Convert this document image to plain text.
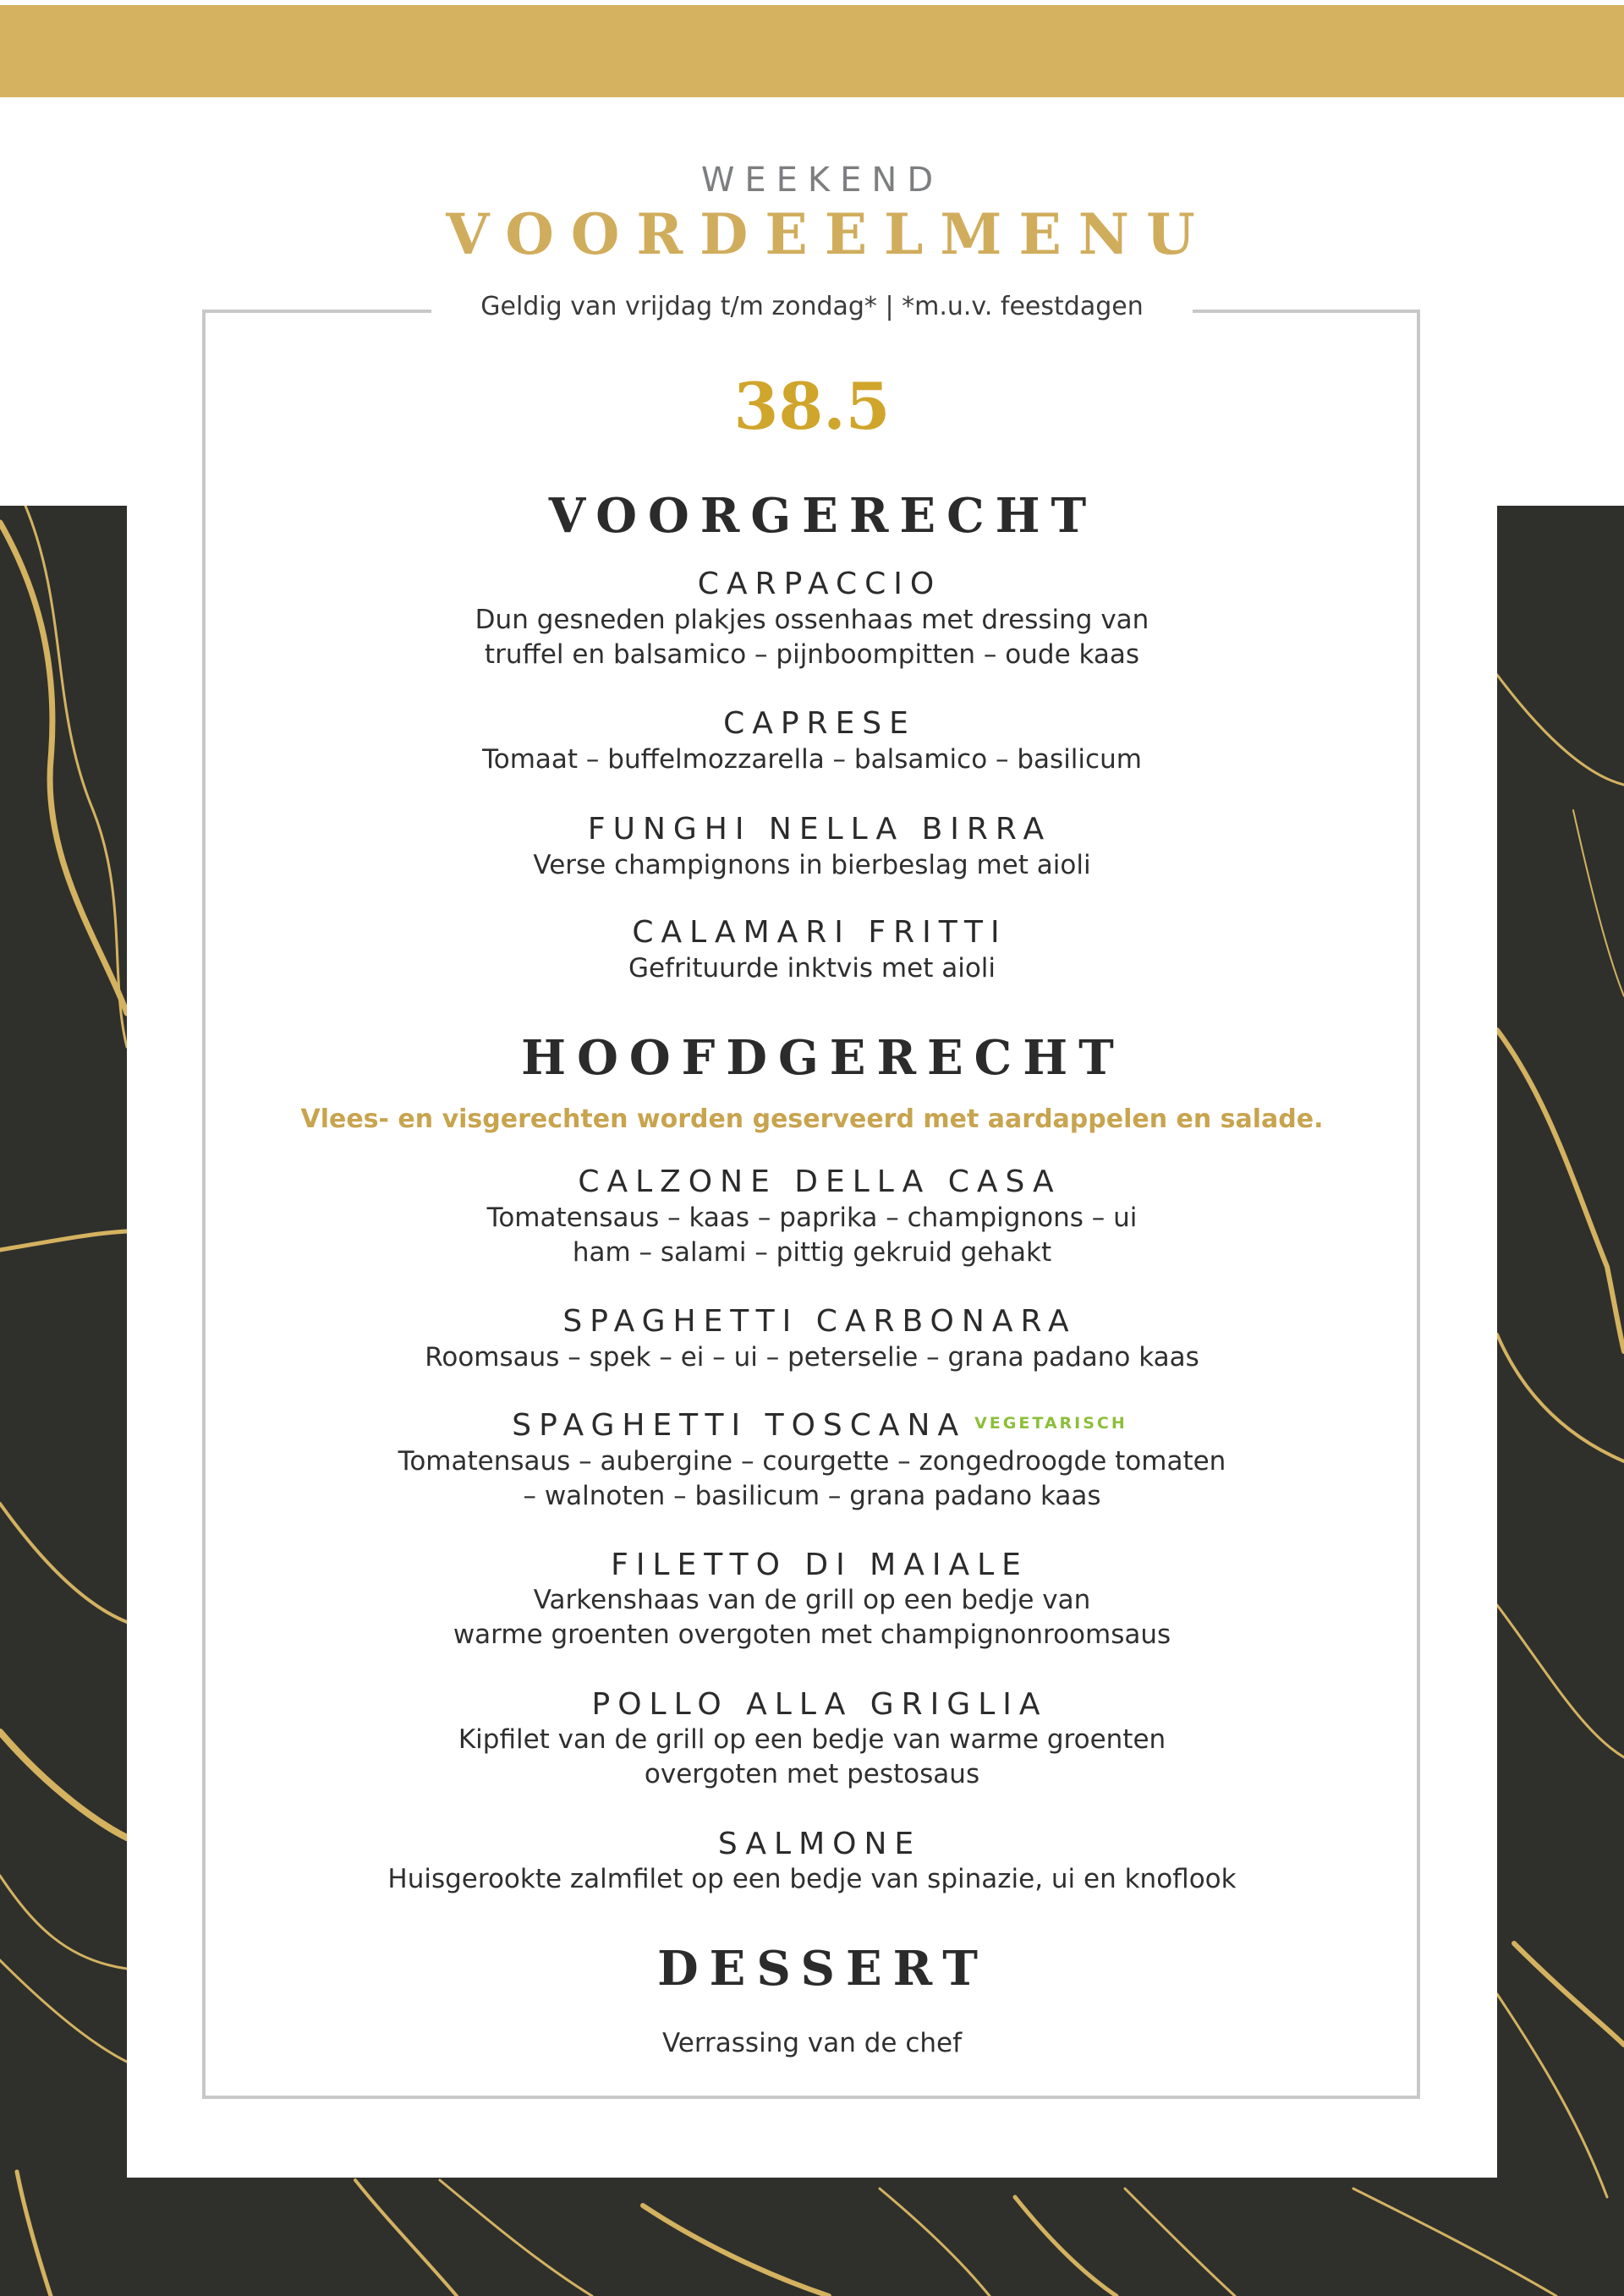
WEEKEND
VOORDEELMENU
Geldig van vrijdag t/m zondag* | *m.u.v. feestdagen
38.5
VOORGERECHT
CARPACCIO
Dun gesneden plakjes ossenhaas met dressing van
truffel en balsamico – pijnboompitten – oude kaas
CAPRESE
Tomaat – buffelmozzarella – balsamico – basilicum
FUNGHI NELLA BIRRA
Verse champignons in bierbeslag met aioli
CALAMARI FRITTI
Gefrituurde inktvis met aioli
HOOFDGERECHT
Vlees- en visgerechten worden geserveerd met aardappelen en salade.
CALZONE DELLA CASA
Tomatensaus – kaas – paprika – champignons – ui
ham – salami – pittig gekruid gehakt
SPAGHETTI CARBONARA
Roomsaus – spek – ei – ui – peterselie – grana padano kaas
SPAGHETTI TOSCANA $^{VEGETARISCH}$
Tomatensaus – aubergine – courgette – zongedroogde tomaten
– walnoten – basilicum – grana padano kaas
FILETTO DI MAIALE
Varkenshaas van de grill op een bedje van
warme groenten overgoten met champignonroomsaus
POLLO ALLA GRIGLIA
Kipfilet van de grill op een bedje van warme groenten
overgoten met pestosaus
SALMONE
Huisgerookte zalmfilet op een bedje van spinazie, ui en knoflook
DESSERT
Verrassing van de chef
